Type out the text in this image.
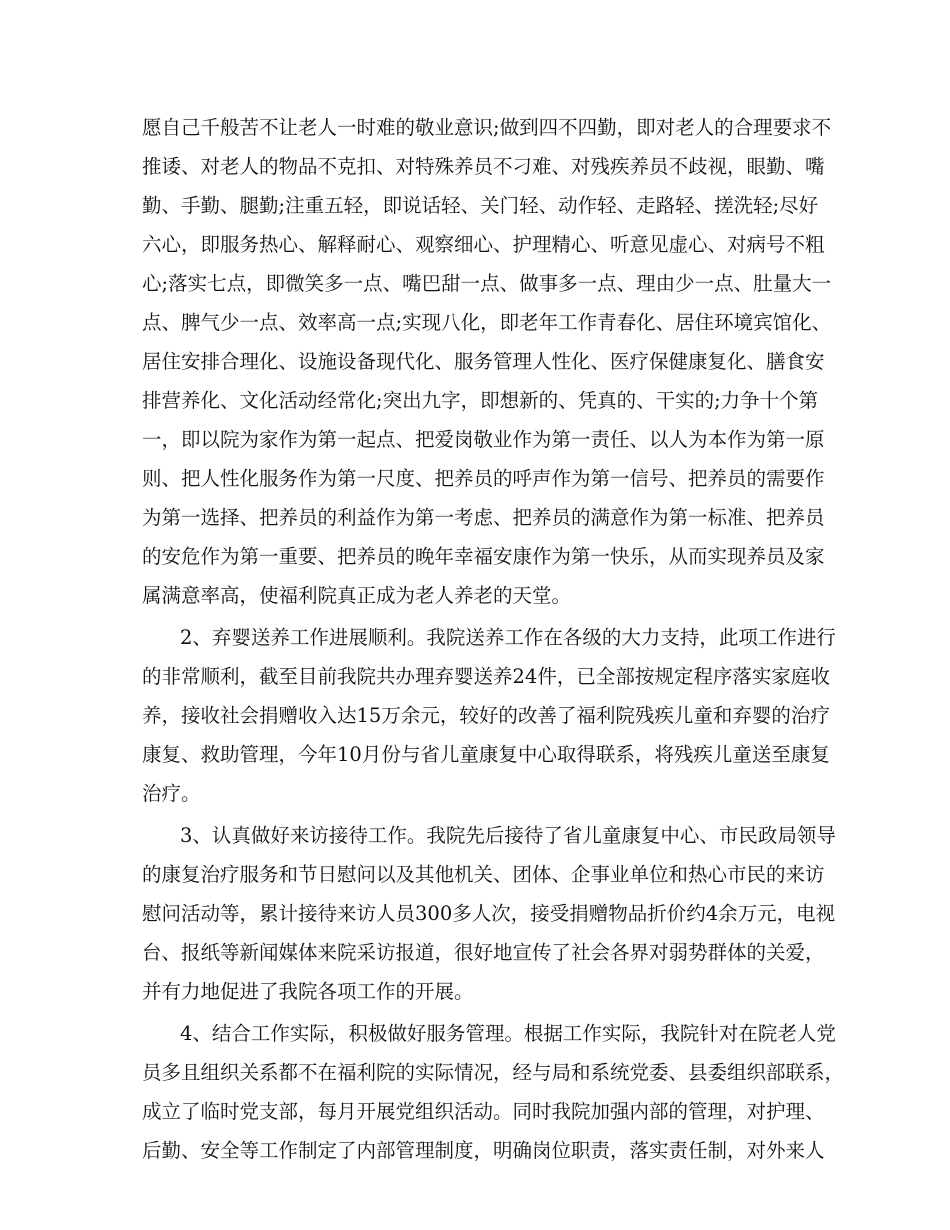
愿自己千般苦不让老人一时难的敬业意识;做到四不四勤，即对老人的合理要求不
推诿、对老人的物品不克扣、对特殊养员不刁难、对残疾养员不歧视，眼勤、嘴
勤、手勤、腿勤;注重五轻，即说话轻、关门轻、动作轻、走路轻、搓洗轻;尽好
六心，即服务热心、解释耐心、观察细心、护理精心、听意见虚心、对病号不粗
心;落实七点，即微笑多一点、嘴巴甜一点、做事多一点、理由少一点、肚量大一
点、脾气少一点、效率高一点;实现八化，即老年工作青春化、居住环境宾馆化、
居住安排合理化、设施设备现代化、服务管理人性化、医疗保健康复化、膳食安
排营养化、文化活动经常化;突出九字，即想新的、凭真的、干实的;力争十个第
一，即以院为家作为第一起点、把爱岗敬业作为第一责任、以人为本作为第一原
则、把人性化服务作为第一尺度、把养员的呼声作为第一信号、把养员的需要作
为第一选择、把养员的利益作为第一考虑、把养员的满意作为第一标准、把养员
的安危作为第一重要、把养员的晚年幸福安康作为第一快乐，从而实现养员及家
属满意率高，使福利院真正成为老人养老的天堂。
2、弃婴送养工作进展顺利。我院送养工作在各级的大力支持，此项工作进行
的非常顺利，截至目前我院共办理弃婴送养24件，已全部按规定程序落实家庭收
养，接收社会捐赠收入达15万余元，较好的改善了福利院残疾儿童和弃婴的治疗
康复、救助管理，今年10月份与省儿童康复中心取得联系，将残疾儿童送至康复
治疗。
3、认真做好来访接待工作。我院先后接待了省儿童康复中心、市民政局领导
的康复治疗服务和节日慰问以及其他机关、团体、企事业单位和热心市民的来访
慰问活动等，累计接待来访人员300多人次，接受捐赠物品折价约4余万元，电视
台、报纸等新闻媒体来院采访报道，很好地宣传了社会各界对弱势群体的关爱，
并有力地促进了我院各项工作的开展。
4、结合工作实际，积极做好服务管理。根据工作实际，我院针对在院老人党
员多且组织关系都不在福利院的实际情况，经与局和系统党委、县委组织部联系，
成立了临时党支部，每月开展党组织活动。同时我院加强内部的管理，对护理、
后勤、安全等工作制定了内部管理制度，明确岗位职责，落实责任制，对外来人
